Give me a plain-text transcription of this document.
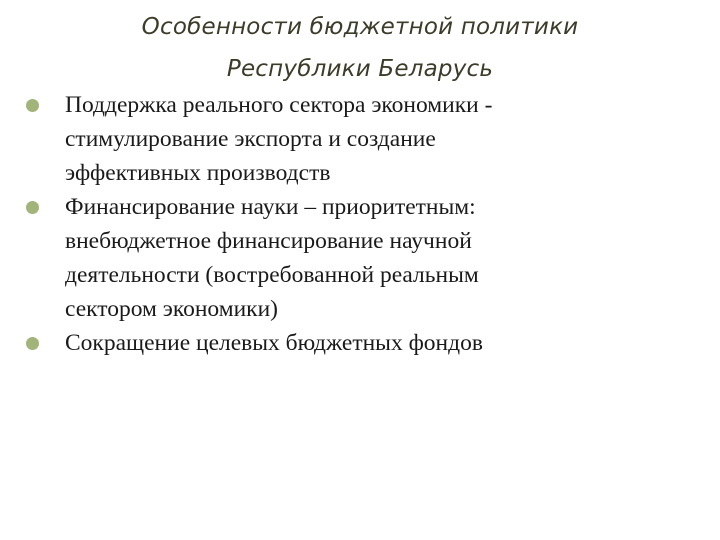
Особенности бюджетной политики
Республики Беларусь
Поддержка реального сектора экономики -
стимулирование экспорта и создание
эффективных производств
Финансирование науки – приоритетным:
внебюджетное финансирование научной
деятельности (востребованной реальным
сектором экономики)
Сокращение целевых бюджетных фондов
